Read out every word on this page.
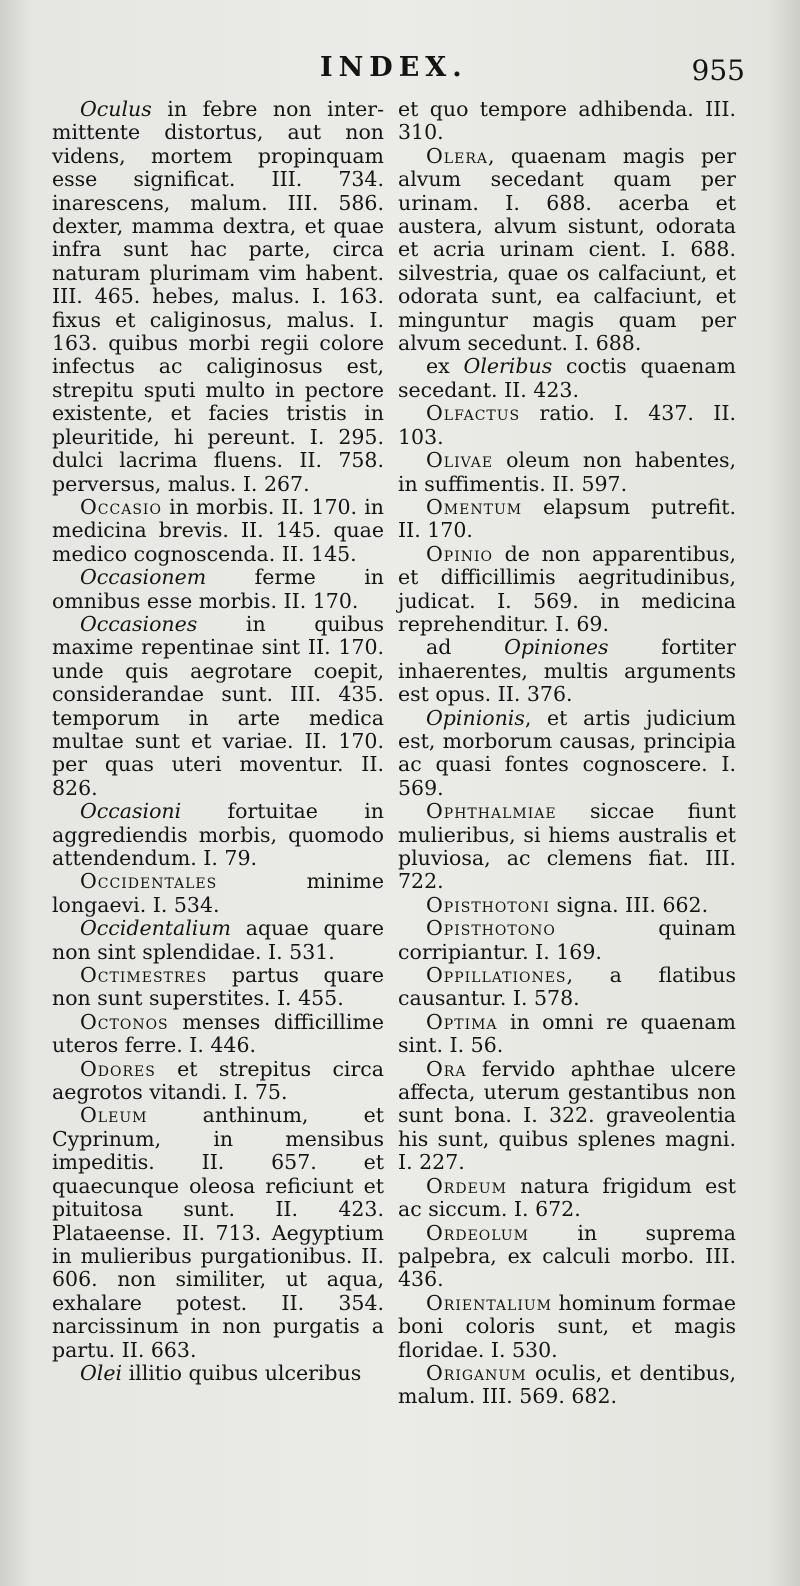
INDEX.	955

Oculus in febre non inter-mittente distortus, aut non videns, mortem propinquam esse significat. III. 734. inarescens, malum. III. 586. dexter, mamma dextra, et quae infra sunt hac parte, circa naturam plurimam vim habent. III. 465. hebes, malus. I. 163. fixus et caliginosus, malus. I. 163. quibus morbi regii colore infectus ac caliginosus est, strepitu sputi multo in pectore existente, et facies tristis in pleuritide, hi pereunt. I. 295. dulci lacrima fluens. II. 758. perversus, malus. I. 267.

Occasio in morbis. II. 170. in medicina brevis. II. 145. quae medico cognoscenda. II. 145.

Occasionem ferme in omnibus esse morbis. II. 170.

Occasiones in quibus maxime repentinae sint II. 170. unde quis aegrotare coepit, considerandae sunt. III. 435. temporum in arte medica multae sunt et variae. II. 170. per quas uteri moventur. II. 826.

Occasioni fortuitae in aggrediendis morbis, quomodo attendendum. I. 79.

Occidentales minime longaevi. I. 534.

Occidentalium aquae quare non sint splendidae. I. 531.

Octimestres partus quare non sunt superstites. I. 455.

Octonos menses difficillime uteros ferre. I. 446.

Odores et strepitus circa aegrotos vitandi. I. 75.

Oleum anthinum, et Cyprinum, in mensibus impeditis. II. 657. et quaecunque oleosa reficiunt et pituitosa sunt. II. 423. Plataeense. II. 713. Aegyptium in mulieribus purgationibus. II. 606. non similiter, ut aqua, exhalare potest. II. 354. narcissinum in non purgatis a partu. II. 663.

Olei illitio quibus ulceribus

et quo tempore adhibenda. III. 310.

Olera, quaenam magis per alvum secedant quam per urinam. I. 688. acerba et austera, alvum sistunt, odorata et acria urinam cient. I. 688. silvestria, quae os calfaciunt, et odorata sunt, ea calfaciunt, et minguntur magis quam per alvum secedunt. I. 688.

ex Oleribus coctis quaenam secedant. II. 423.

Olfactus ratio. I. 437. II. 103.

Olivae oleum non habentes, in suffimentis. II. 597.

Omentum elapsum putrefit. II. 170.

Opinio de non apparentibus, et difficillimis aegritudinibus, judicat. I. 569. in medicina reprehenditur. I. 69.

ad Opiniones fortiter inhaerentes, multis arguments est opus. II. 376.

Opinionis, et artis judicium est, morborum causas, principia ac quasi fontes cognoscere. I. 569.

Ophthalmiae siccae fiunt mulieribus, si hiems australis et pluviosa, ac clemens fiat. III. 722.

Opisthotoni signa. III. 662.

Opisthotono quinam corripiantur. I. 169.

Oppillationes, a flatibus causantur. I. 578.

Optima in omni re quaenam sint. I. 56.

Ora fervido aphthae ulcere affecta, uterum gestantibus non sunt bona. I. 322. graveolentia his sunt, quibus splenes magni. I. 227.

Ordeum natura frigidum est ac siccum. I. 672.

Ordeolum in suprema palpebra, ex calculi morbo. III. 436.

Orientalium hominum formae boni coloris sunt, et magis floridae. I. 530.

Origanum oculis, et dentibus, malum. III. 569. 682.
